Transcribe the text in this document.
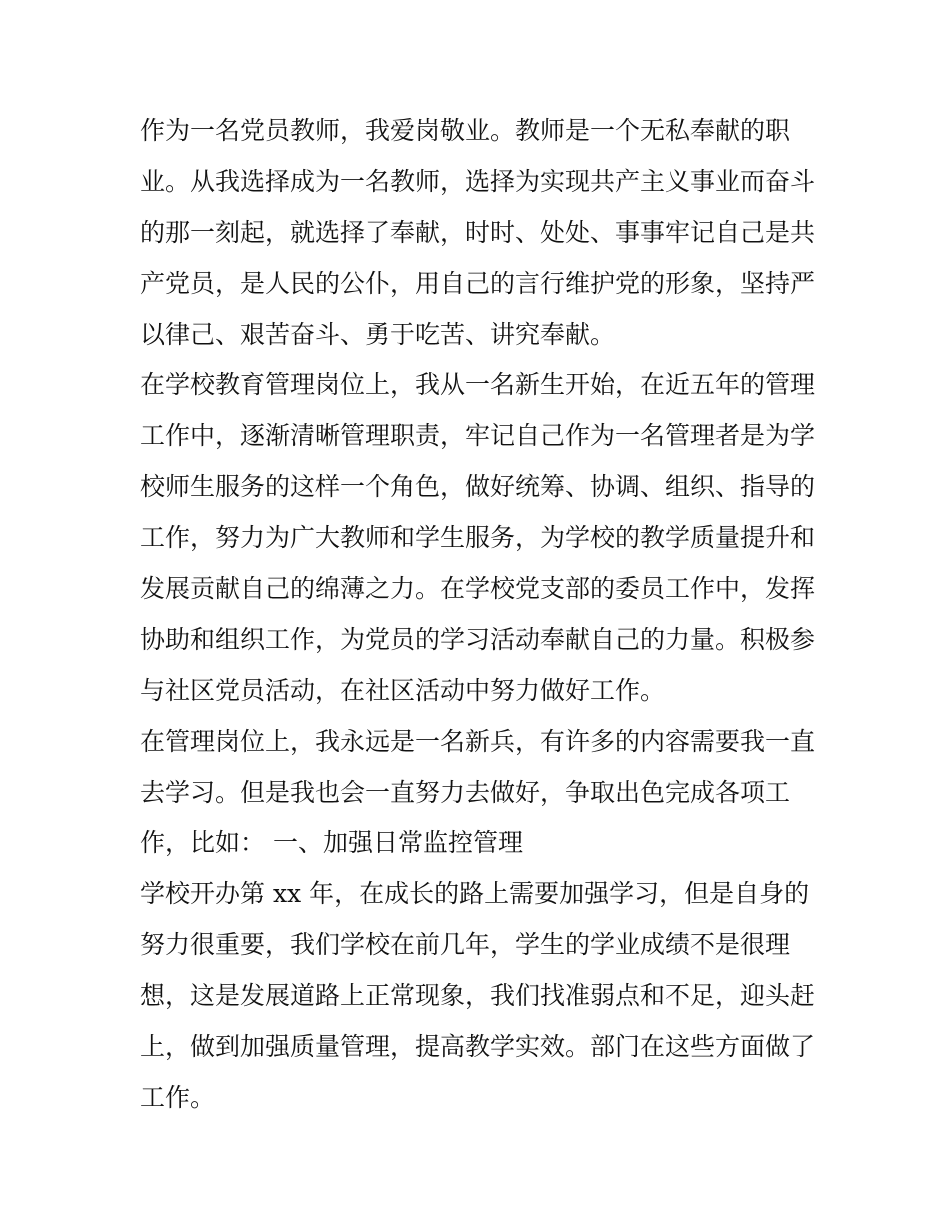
作为一名党员教师，我爱岗敬业。教师是一个无私奉献的职
业。从我选择成为一名教师，选择为实现共产主义事业而奋斗
的那一刻起，就选择了奉献，时时、处处、事事牢记自己是共
产党员，是人民的公仆，用自己的言行维护党的形象，坚持严
以律己、艰苦奋斗、勇于吃苦、讲究奉献。
在学校教育管理岗位上，我从一名新生开始，在近五年的管理
工作中，逐渐清晰管理职责，牢记自己作为一名管理者是为学
校师生服务的这样一个角色，做好统筹、协调、组织、指导的
工作，努力为广大教师和学生服务，为学校的教学质量提升和
发展贡献自己的绵薄之力。在学校党支部的委员工作中，发挥
协助和组织工作，为党员的学习活动奉献自己的力量。积极参
与社区党员活动，在社区活动中努力做好工作。
在管理岗位上，我永远是一名新兵，有许多的内容需要我一直
去学习。但是我也会一直努力去做好，争取出色完成各项工
作，比如： 一、加强日常监控管理
学校开办第 xx 年，在成长的路上需要加强学习，但是自身的
努力很重要，我们学校在前几年，学生的学业成绩不是很理
想，这是发展道路上正常现象，我们找准弱点和不足，迎头赶
上，做到加强质量管理，提高教学实效。部门在这些方面做了
工作。
